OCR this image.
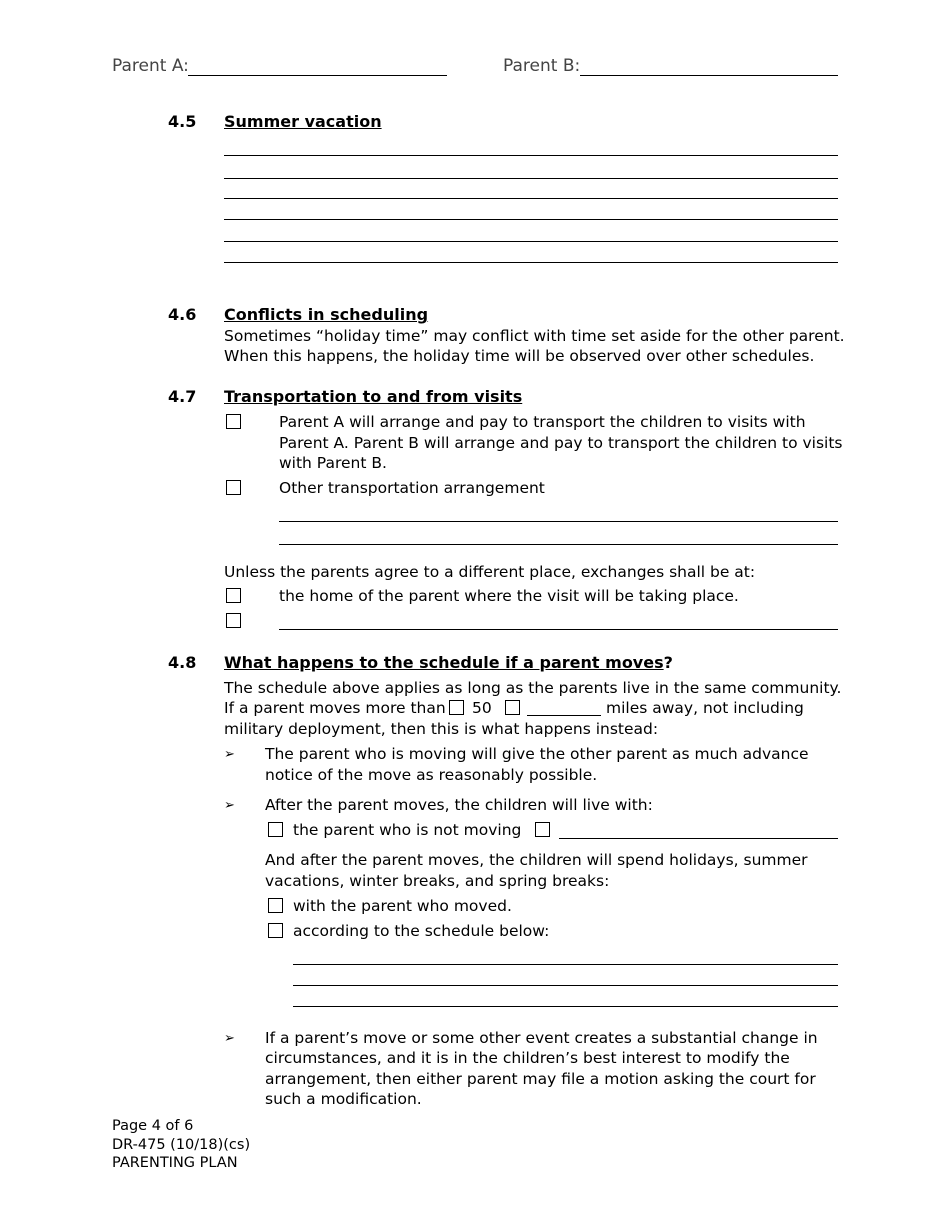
Parent A:	Parent B:
4.5 Summer vacation
4.6 Conflicts in scheduling
Sometimes “holiday time” may conflict with time set aside for the other parent.
When this happens, the holiday time will be observed over other schedules.
4.7 Transportation to and from visits
Parent A will arrange and pay to transport the children to visits with
Parent A. Parent B will arrange and pay to transport the children to visits
with Parent B.
Other transportation arrangement
Unless the parents agree to a different place, exchanges shall be at:
the home of the parent where the visit will be taking place.
4.8 What happens to the schedule if a parent moves?
The schedule above applies as long as the parents live in the same community.
If a parent moves more than 50	miles away, not including
military deployment, then this is what happens instead:
➢ The parent who is moving will give the other parent as much advance
notice of the move as reasonably possible.
➢ After the parent moves, the children will live with:
the parent who is not moving
And after the parent moves, the children will spend holidays, summer
vacations, winter breaks, and spring breaks:
with the parent who moved.
according to the schedule below:
➢ If a parent’s move or some other event creates a substantial change in
circumstances, and it is in the children’s best interest to modify the
arrangement, then either parent may file a motion asking the court for
such a modification.
Page 4 of 6
DR-475 (10/18)(cs)
PARENTING PLAN
